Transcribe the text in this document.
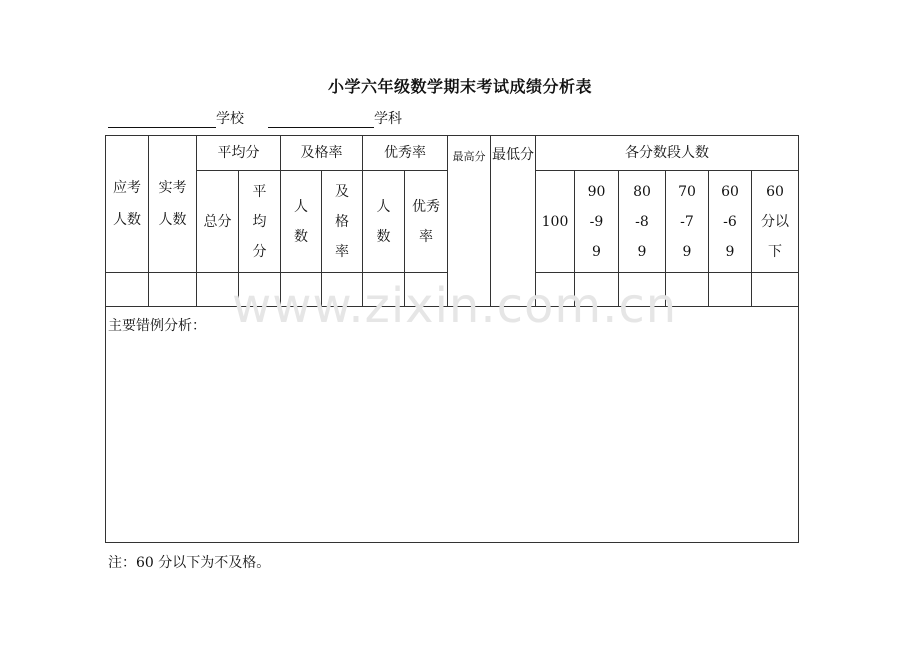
小学六年级数学期末考试成绩分析表
学校	学科
应考人数	实考人数	平均分		及格率		优秀率		最高分	最低分	各分数段人数					
		总分	平均分	人数	及格率	人数	优秀率			100	90-99	80-89	70-79	60-69	60 分以下

主要错例分析：															
注：60 分以下为不及格。
www.zixin.com.cn
